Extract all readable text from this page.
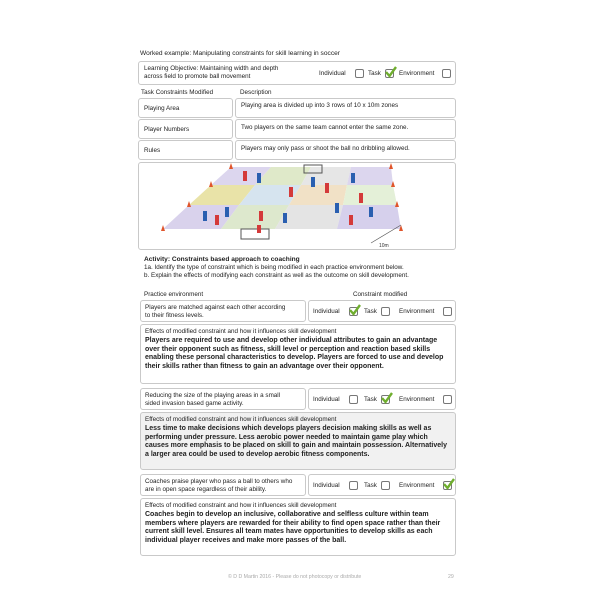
Worked example: Manipulating constraints for skill learning in soccer
Learning Objective: Maintaining width and depth
across field to promote ball movement	Individual	Task	Environment
Task Constraints Modified	Description
Playing Area	Playing area is divided up into 3 rows of 10 x 10m zones
Player Numbers	Two players on the same team cannot enter the same zone.
Rules	Players may only pass or shoot the ball no dribbling allowed.
10m
Activity: Constraints based approach to coaching
1a. Identify the type of constraint which is being modified in each practice environment below.
b. Explain the effects of modifying each constraint as well as the outcome on skill development.
Practice environment	Constraint modified
Players are matched against each other according
to their fitness levels.
Individual	Task	Environment
Effects of modified constraint and how it influences skill development
Players are required to use and develop other individual attributes to gain an advantage over their opponent such as fitness, skill level or perception and reaction based skills enabling these personal characteristics to develop. Players are forced to use and develop their skills rather than fitness to gain an advantage over their opponent.
Reducing the size of the playing areas in a small
sided invasion based game activity.
Individual	Task	Environment
Effects of modified constraint and how it influences skill development
Less time to make decisions which develops players decision making skills as well as performing under pressure. Less aerobic power needed to maintain game play which causes more emphasis to be placed on skill to gain and maintain possession. Alternatively a larger area could be used to develop aerobic fitness components.
Coaches praise player who pass a ball to others who
are in open space regardless of their ability.
Individual	Task	Environment
Effects of modified constraint and how it influences skill development
Coaches begin to develop an inclusive, collaborative and selfless culture within team members where players are rewarded for their ability to find open space rather than their current skill level. Ensures all team mates have opportunities to develop skills as each individual player receives and make more passes of the ball.
© D D Martin 2016 - Please do not photocopy or distribute	29
